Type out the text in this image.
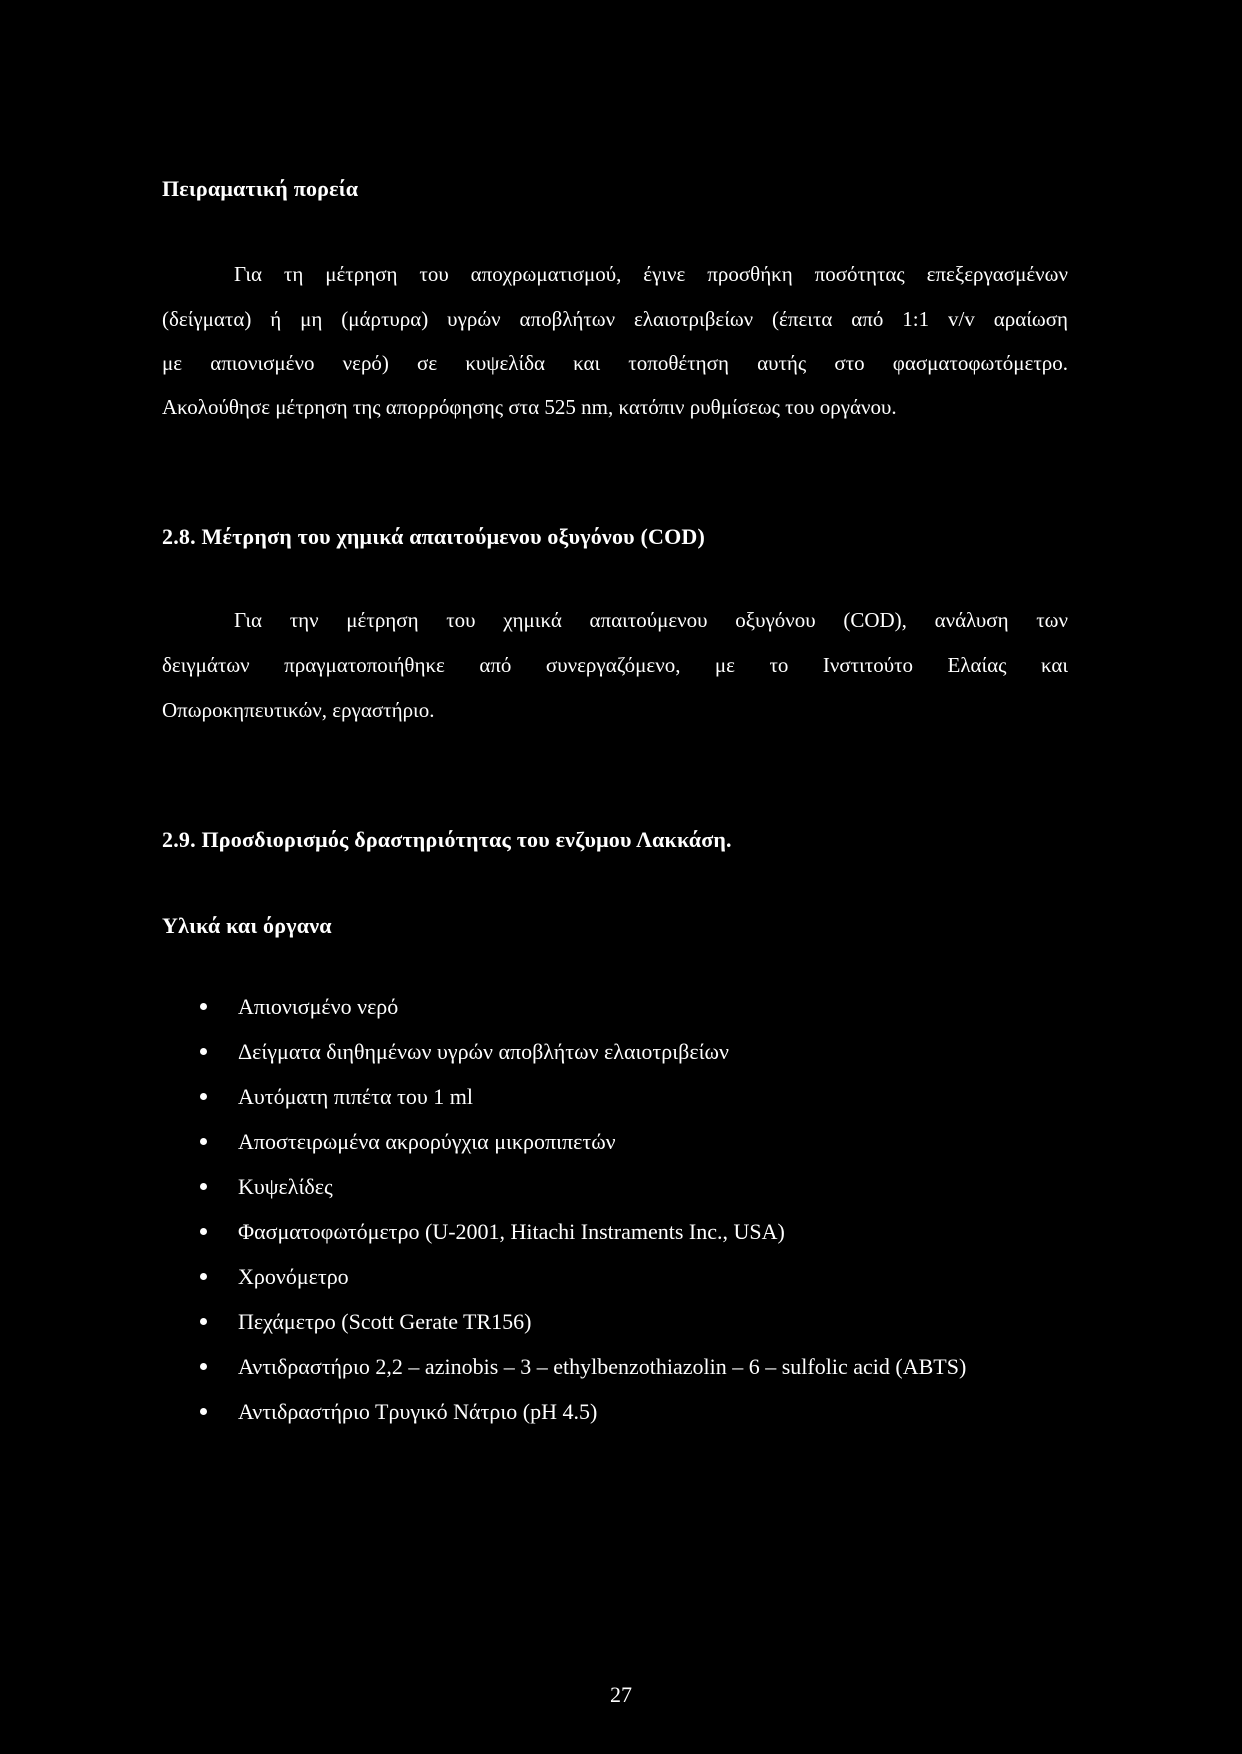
Πειραματική πορεία
Για τη μέτρηση του αποχρωματισμού, έγινε προσθήκη ποσότητας επεξεργασμένων
(δείγματα) ή μη (μάρτυρα) υγρών αποβλήτων ελαιοτριβείων (έπειτα από 1:1 v/v αραίωση
με απιονισμένο νερό) σε κυψελίδα και τοποθέτηση αυτής στο φασματοφωτόμετρο.
Ακολούθησε μέτρηση της απορρόφησης στα 525 nm, κατόπιν ρυθμίσεως του οργάνου.
2.8. Μέτρηση του χημικά απαιτούμενου οξυγόνου (COD)
Για την μέτρηση του χημικά απαιτούμενου οξυγόνου (COD), ανάλυση των
δειγμάτων πραγματοποιήθηκε από συνεργαζόμενο, με το Ινστιτούτο Ελαίας και
Οπωροκηπευτικών, εργαστήριο.
2.9. Προσδιορισμός δραστηριότητας του ενζυμου Λακκάση.
Υλικά και όργανα
Απιονισμένο νερό
Δείγματα διηθημένων υγρών αποβλήτων ελαιοτριβείων
Αυτόματη πιπέτα του 1 ml
Αποστειρωμένα ακρορύγχια μικροπιπετών
Κυψελίδες
Φασματοφωτόμετρο (U-2001, Hitachi Instraments Inc., USA)
Χρονόμετρο
Πεχάμετρο (Scott Gerate TR156)
Αντιδραστήριο 2,2 – azinobis – 3 – ethylbenzothiazolin – 6 – sulfolic acid (ABTS)
Αντιδραστήριο Τρυγικό Νάτριο (pH 4.5)
27
